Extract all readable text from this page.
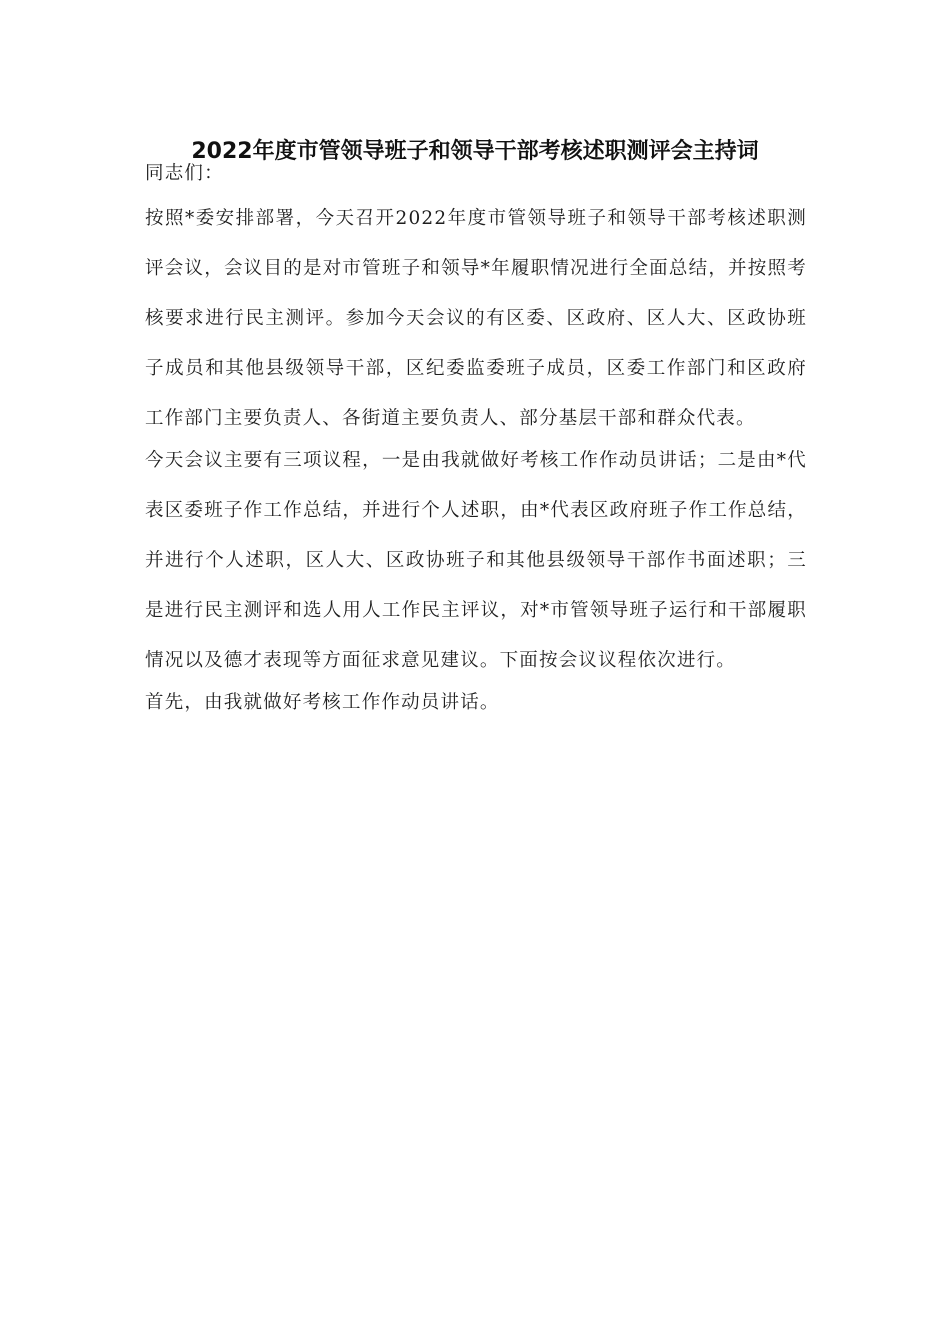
2022年度市管领导班子和领导干部考核述职测评会主持词

同志们：

按照*委安排部署，今天召开2022年度市管领导班子和领导干部考核述职测评会议，会议目的是对市管班子和领导*年履职情况进行全面总结，并按照考核要求进行民主测评。参加今天会议的有区委、区政府、区人大、区政协班子成员和其他县级领导干部，区纪委监委班子成员，区委工作部门和区政府工作部门主要负责人、各街道主要负责人、部分基层干部和群众代表。

今天会议主要有三项议程，一是由我就做好考核工作作动员讲话；二是由*代表区委班子作工作总结，并进行个人述职，由*代表区政府班子作工作总结，并进行个人述职，区人大、区政协班子和其他县级领导干部作书面述职；三是进行民主测评和选人用人工作民主评议，对*市管领导班子运行和干部履职情况以及德才表现等方面征求意见建议。下面按会议议程依次进行。

首先，由我就做好考核工作作动员讲话。
